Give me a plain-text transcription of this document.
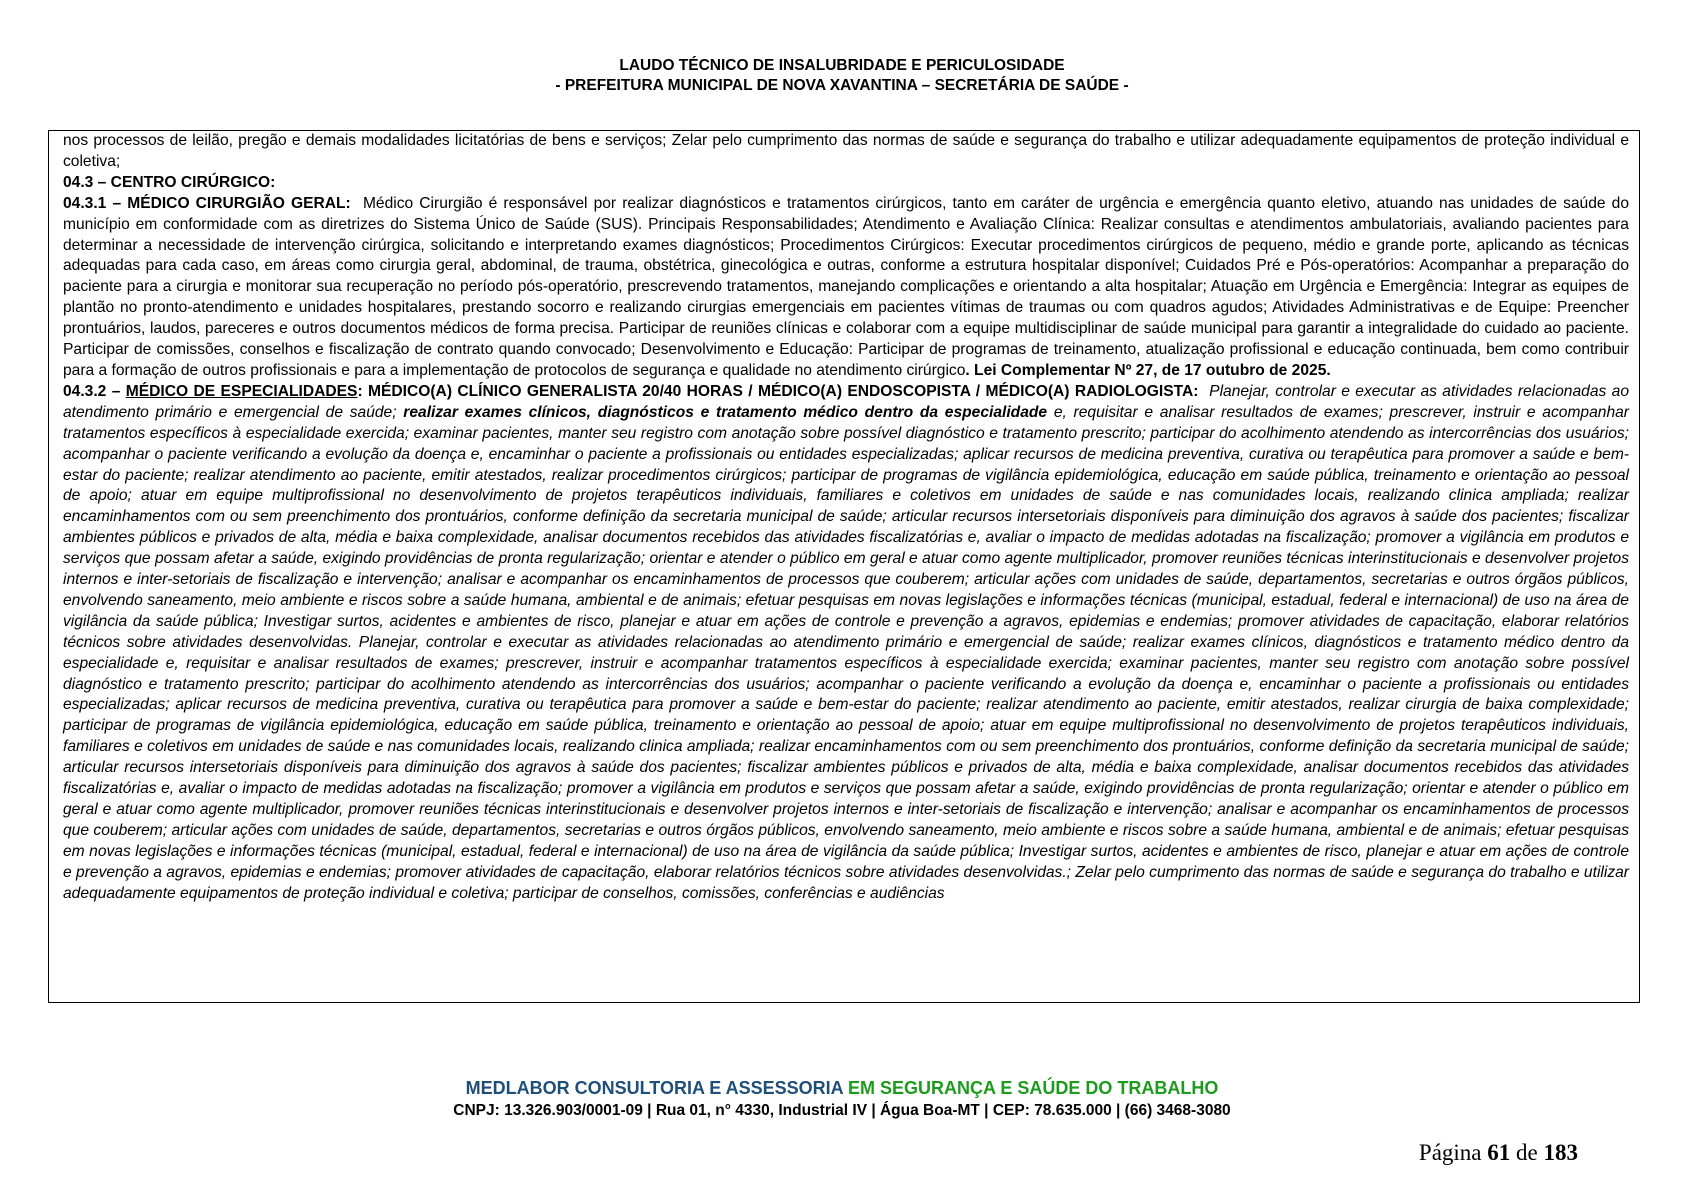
LAUDO TÉCNICO DE INSALUBRIDADE E PERICULOSIDADE
- PREFEITURA MUNICIPAL DE NOVA XAVANTINA – SECRETÁRIA DE SAÚDE -

nos processos de leilão, pregão e demais modalidades licitatórias de bens e serviços; Zelar pelo cumprimento das normas de saúde e segurança do trabalho e utilizar adequadamente equipamentos de proteção individual e coletiva;

04.3 – CENTRO CIRÚRGICO:

04.3.1 – MÉDICO CIRURGIÃO GERAL: Médico Cirurgião é responsável por realizar diagnósticos e tratamentos cirúrgicos, tanto em caráter de urgência e emergência quanto eletivo, atuando nas unidades de saúde do município em conformidade com as diretrizes do Sistema Único de Saúde (SUS). Principais Responsabilidades; Atendimento e Avaliação Clínica: Realizar consultas e atendimentos ambulatoriais, avaliando pacientes para determinar a necessidade de intervenção cirúrgica, solicitando e interpretando exames diagnósticos; Procedimentos Cirúrgicos: Executar procedimentos cirúrgicos de pequeno, médio e grande porte, aplicando as técnicas adequadas para cada caso, em áreas como cirurgia geral, abdominal, de trauma, obstétrica, ginecológica e outras, conforme a estrutura hospitalar disponível; Cuidados Pré e Pós-operatórios: Acompanhar a preparação do paciente para a cirurgia e monitorar sua recuperação no período pós-operatório, prescrevendo tratamentos, manejando complicações e orientando a alta hospitalar; Atuação em Urgência e Emergência: Integrar as equipes de plantão no pronto-atendimento e unidades hospitalares, prestando socorro e realizando cirurgias emergenciais em pacientes vítimas de traumas ou com quadros agudos; Atividades Administrativas e de Equipe: Preencher prontuários, laudos, pareceres e outros documentos médicos de forma precisa. Participar de reuniões clínicas e colaborar com a equipe multidisciplinar de saúde municipal para garantir a integralidade do cuidado ao paciente. Participar de comissões, conselhos e fiscalização de contrato quando convocado; Desenvolvimento e Educação: Participar de programas de treinamento, atualização profissional e educação continuada, bem como contribuir para a formação de outros profissionais e para a implementação de protocolos de segurança e qualidade no atendimento cirúrgico. Lei Complementar Nº 27, de 17 outubro de 2025.

04.3.2 – MÉDICO DE ESPECIALIDADES: MÉDICO(A) CLÍNICO GENERALISTA 20/40 HORAS / MÉDICO(A) ENDOSCOPISTA / MÉDICO(A) RADIOLOGISTA: Planejar, controlar e executar as atividades relacionadas ao atendimento primário e emergencial de saúde; realizar exames clínicos, diagnósticos e tratamento médico dentro da especialidade e, requisitar e analisar resultados de exames; prescrever, instruir e acompanhar tratamentos específicos à especialidade exercida; examinar pacientes, manter seu registro com anotação sobre possível diagnóstico e tratamento prescrito; participar do acolhimento atendendo as intercorrências dos usuários; acompanhar o paciente verificando a evolução da doença e, encaminhar o paciente a profissionais ou entidades especializadas; aplicar recursos de medicina preventiva, curativa ou terapêutica para promover a saúde e bem-estar do paciente; realizar atendimento ao paciente, emitir atestados, realizar procedimentos cirúrgicos; participar de programas de vigilância epidemiológica, educação em saúde pública, treinamento e orientação ao pessoal de apoio; atuar em equipe multiprofissional no desenvolvimento de projetos terapêuticos individuais, familiares e coletivos em unidades de saúde e nas comunidades locais, realizando clinica ampliada; realizar encaminhamentos com ou sem preenchimento dos prontuários, conforme definição da secretaria municipal de saúde; articular recursos intersetoriais disponíveis para diminuição dos agravos à saúde dos pacientes; fiscalizar ambientes públicos e privados de alta, média e baixa complexidade, analisar documentos recebidos das atividades fiscalizatórias e, avaliar o impacto de medidas adotadas na fiscalização; promover a vigilância em produtos e serviços que possam afetar a saúde, exigindo providências de pronta regularização; orientar e atender o público em geral e atuar como agente multiplicador, promover reuniões técnicas interinstitucionais e desenvolver projetos internos e inter-setoriais de fiscalização e intervenção; analisar e acompanhar os encaminhamentos de processos que couberem; articular ações com unidades de saúde, departamentos, secretarias e outros órgãos públicos, envolvendo saneamento, meio ambiente e riscos sobre a saúde humana, ambiental e de animais; efetuar pesquisas em novas legislações e informações técnicas (municipal, estadual, federal e internacional) de uso na área de vigilância da saúde pública; Investigar surtos, acidentes e ambientes de risco, planejar e atuar em ações de controle e prevenção a agravos, epidemias e endemias; promover atividades de capacitação, elaborar relatórios técnicos sobre atividades desenvolvidas. Planejar, controlar e executar as atividades relacionadas ao atendimento primário e emergencial de saúde; realizar exames clínicos, diagnósticos e tratamento médico dentro da especialidade e, requisitar e analisar resultados de exames; prescrever, instruir e acompanhar tratamentos específicos à especialidade exercida; examinar pacientes, manter seu registro com anotação sobre possível diagnóstico e tratamento prescrito; participar do acolhimento atendendo as intercorrências dos usuários; acompanhar o paciente verificando a evolução da doença e, encaminhar o paciente a profissionais ou entidades especializadas; aplicar recursos de medicina preventiva, curativa ou terapêutica para promover a saúde e bem-estar do paciente; realizar atendimento ao paciente, emitir atestados, realizar cirurgia de baixa complexidade; participar de programas de vigilância epidemiológica, educação em saúde pública, treinamento e orientação ao pessoal de apoio; atuar em equipe multiprofissional no desenvolvimento de projetos terapêuticos individuais, familiares e coletivos em unidades de saúde e nas comunidades locais, realizando clinica ampliada; realizar encaminhamentos com ou sem preenchimento dos prontuários, conforme definição da secretaria municipal de saúde; articular recursos intersetoriais disponíveis para diminuição dos agravos à saúde dos pacientes; fiscalizar ambientes públicos e privados de alta, média e baixa complexidade, analisar documentos recebidos das atividades fiscalizatórias e, avaliar o impacto de medidas adotadas na fiscalização; promover a vigilância em produtos e serviços que possam afetar a saúde, exigindo providências de pronta regularização; orientar e atender o público em geral e atuar como agente multiplicador, promover reuniões técnicas interinstitucionais e desenvolver projetos internos e inter-setoriais de fiscalização e intervenção; analisar e acompanhar os encaminhamentos de processos que couberem; articular ações com unidades de saúde, departamentos, secretarias e outros órgãos públicos, envolvendo saneamento, meio ambiente e riscos sobre a saúde humana, ambiental e de animais; efetuar pesquisas em novas legislações e informações técnicas (municipal, estadual, federal e internacional) de uso na área de vigilância da saúde pública; Investigar surtos, acidentes e ambientes de risco, planejar e atuar em ações de controle e prevenção a agravos, epidemias e endemias; promover atividades de capacitação, elaborar relatórios técnicos sobre atividades desenvolvidas.; Zelar pelo cumprimento das normas de saúde e segurança do trabalho e utilizar adequadamente equipamentos de proteção individual e coletiva; participar de conselhos, comissões, conferências e audiências

MEDLABOR CONSULTORIA E ASSESSORIA EM SEGURANÇA E SAÚDE DO TRABALHO
CNPJ: 13.326.903/0001-09 | Rua 01, n° 4330, Industrial IV | Água Boa-MT | CEP: 78.635.000 | (66) 3468-3080
Página 61 de 183
